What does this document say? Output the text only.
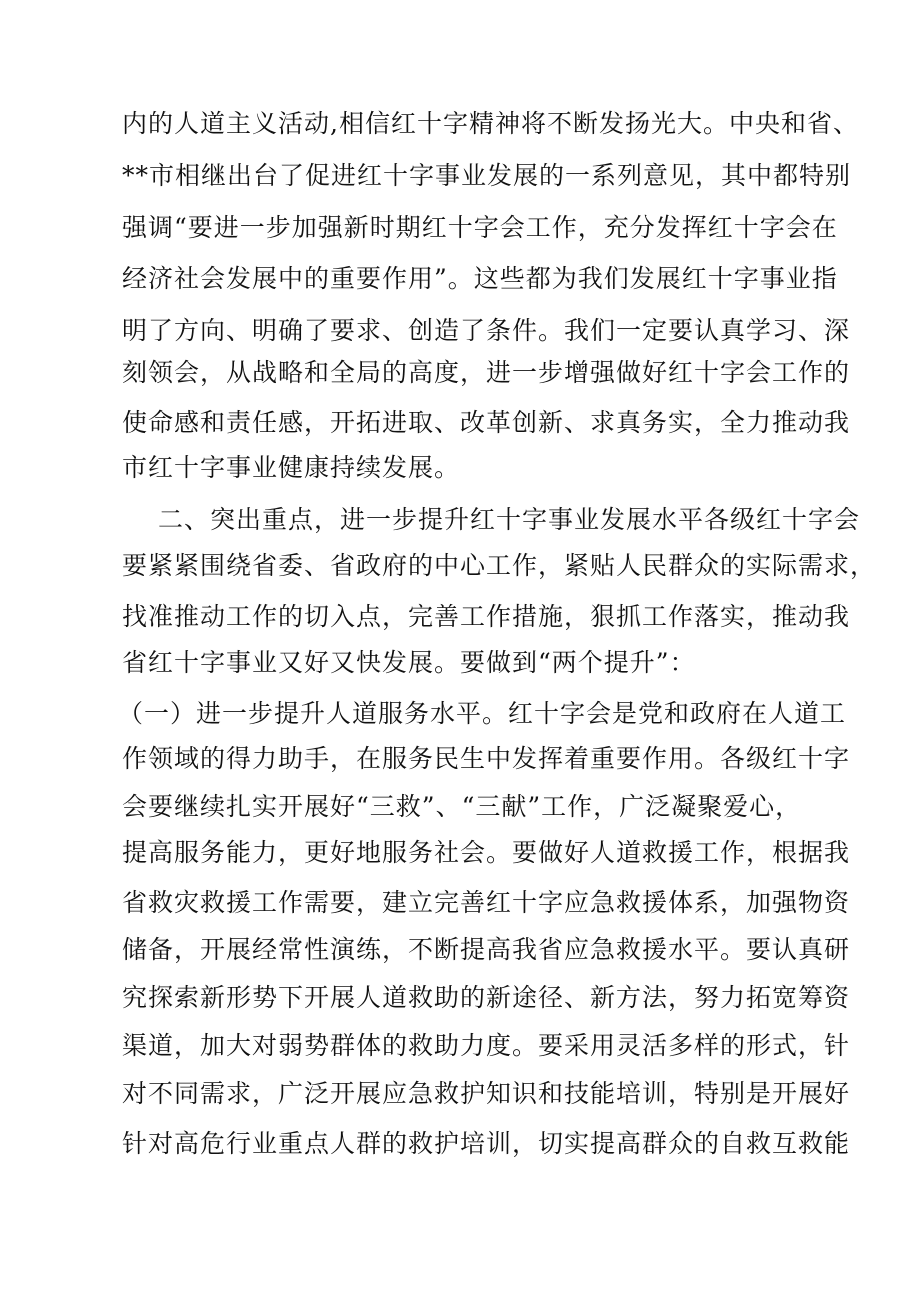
内的人道主义活动,相信红十字精神将不断发扬光大。中央和省、
**市相继出台了促进红十字事业发展的一系列意见，其中都特别
强调“要进一步加强新时期红十字会工作，充分发挥红十字会在
经济社会发展中的重要作用”。这些都为我们发展红十字事业指
明了方向、明确了要求、创造了条件。我们一定要认真学习、深
刻领会，从战略和全局的高度，进一步增强做好红十字会工作的
使命感和责任感，开拓进取、改革创新、求真务实，全力推动我
市红十字事业健康持续发展。
二、突出重点，进一步提升红十字事业发展水平各级红十字会
要紧紧围绕省委、省政府的中心工作，紧贴人民群众的实际需求，
找准推动工作的切入点，完善工作措施，狠抓工作落实，推动我
省红十字事业又好又快发展。要做到“两个提升”：
（一）进一步提升人道服务水平。红十字会是党和政府在人道工
作领域的得力助手，在服务民生中发挥着重要作用。各级红十字
会要继续扎实开展好“三救”、“三献”工作，广泛凝聚爱心，
提高服务能力，更好地服务社会。要做好人道救援工作，根据我
省救灾救援工作需要，建立完善红十字应急救援体系，加强物资
储备，开展经常性演练，不断提高我省应急救援水平。要认真研
究探索新形势下开展人道救助的新途径、新方法，努力拓宽筹资
渠道，加大对弱势群体的救助力度。要采用灵活多样的形式，针
对不同需求，广泛开展应急救护知识和技能培训，特别是开展好
针对高危行业重点人群的救护培训，切实提高群众的自救互救能
